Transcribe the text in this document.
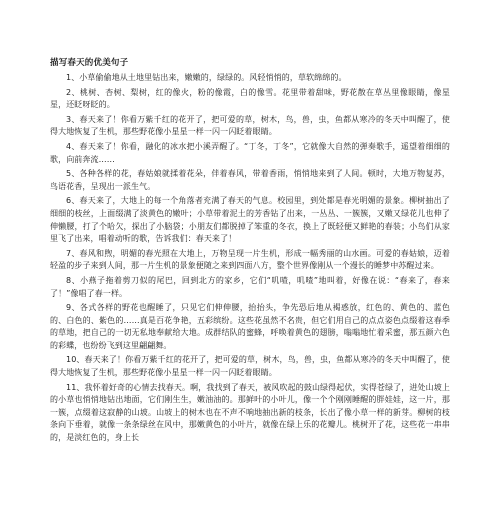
描写春天的优美句子

1、小草偷偷地从土地里钻出来，嫩嫩的，绿绿的。风轻悄悄的，草软绵绵的。

2、桃树、杏树、梨树，红的像火，粉的像霞，白的像雪。花里带着甜味，野花散在草丛里像眼睛，像星星，还眨呀眨的。

3、春天来了！你看万紫千红的花开了，把可爱的草，树木，鸟，兽，虫，鱼都从寒冷的冬天中叫醒了，使得大地恢复了生机，那些野花像小星星一样一闪一闪眨着眼睛。

4、春天来了！你看，融化的冰水把小溪弄醒了。“丁冬，丁冬”，它就像大自然的弹奏歌手，遥望着细细的歌，向前奔流……

5、各种各样的花，春姑娘就揉着花朵，伴着春风，带着香雨，悄悄地来到了人间。顿时，大地万物复苏，鸟语花香，呈现出一派生气。

6、春天来了，大地上的每一个角落者充满了春天的气息。校园里，到处都是春光明媚的景象。柳树抽出了细细的枝丝，上面缀满了淡黄色的嫩叶；小草带着泥土的芳香钻了出来，一丛丛、一簇簇，又嫩又绿花儿也伸了伸懒腰，打了个哈欠，探出了小脑袋；小朋友们都脱掉了笨重的冬衣，换上了既轻便又鲜艳的春装；小鸟们从家里飞了出来，唱着动听的歌，告诉我们：春天来了！

7、春风和煦，明媚的春光照在大地上，万物呈现一片生机，形成一幅秀丽的山水画。可爱的春姑娘，迈着轻盈的步子来到人间，那一片生机的景象便随之来到四面八方，整个世界像刚从一个漫长的睡梦中苏醒过来。

8、小燕子拖着剪刀似的尾巴，回到北方的家乡，它们“叽喳，叽喳”地叫着，好像在说：“春来了，春来了！”像唱了春一样。

9、各式各样的野花也醒睡了，只见它们伸伸腰，抬抬头，争先恐后地从褐惑放，红色的、黄色的、蓝色的、白色的、紫色的……真是百花争艳，五彩缤纷。这些花虽然不名贵，但它们用自己的点点姿色点缀着这春季的草地，把自己的一切无私地奉献给大地。成群结队的蜜蜂，呼唤着黄色的翅膀，嗡嗡地忙着采蜜，那五颜六色的彩蝶，也纷纷飞到这里翩翩舞。

10、春天来了！你看万紫千红的花开了，把可爱的草，树木，鸟，兽，虫，鱼都从寒冷的冬天中叫醒了，使得大地恢复了生机，那些野花像小星星一样一闪一闪眨着眼睛。

11、我怀着好奇的心情去找春天。啊，我找到了春天，被风吹起的鼓山绿得起伏，实得苍绿了，进处山坡上的小草也悄悄地钻出地面，它们刚生生，嫩油油的。那鲜叶的小叶儿，像一个个刚刚睡醒的胖娃娃，这一片，那一簇，点缀着这寂静的山坡。山坡上的树木也在不声不响地抽出新的枝条，长出了像小草一样的新芽。柳树的枝条向下垂着，就像一条条绿丝在风中，那嫩黄色的小叶片，就像在绿上乐的花瓣儿。桃树开了花，这些花一串串的，是淡红色的，身上长
